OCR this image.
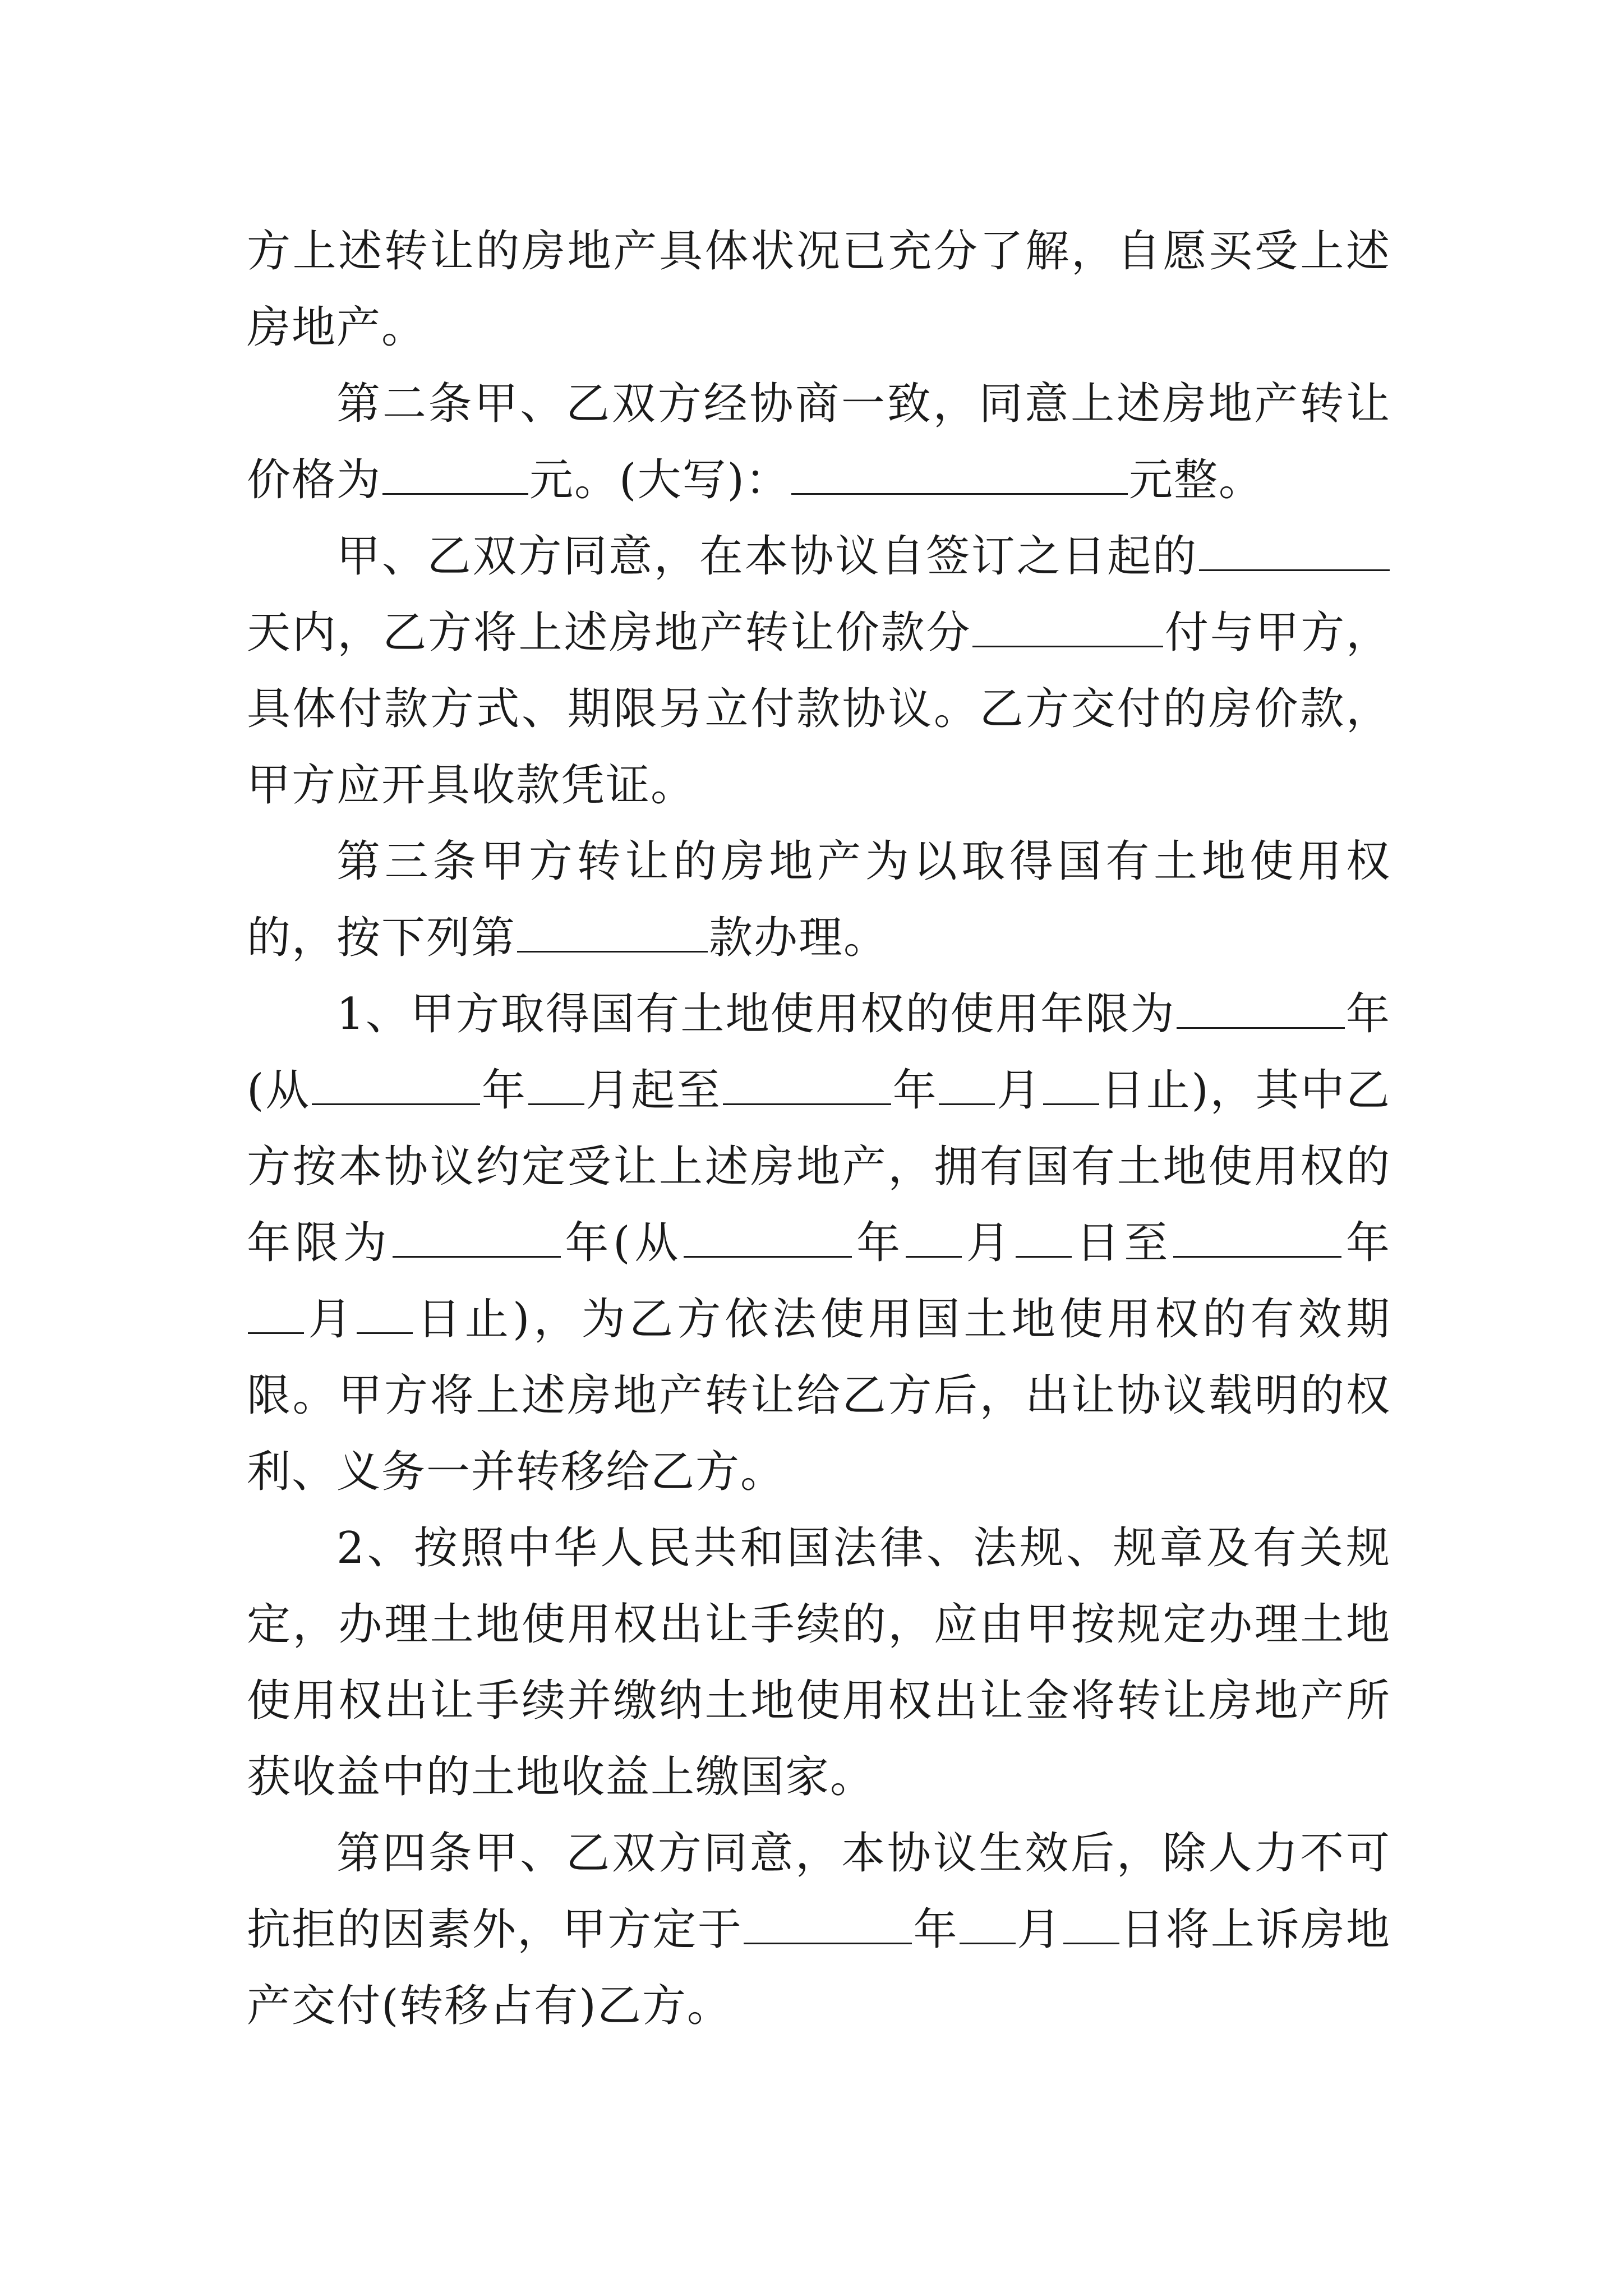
方上述转让的房地产具体状况已充分了解，自愿买受上述房地产。

第二条甲、乙双方经协商一致，同意上述房地产转让价格为	元。(大写)：	元整。

甲、乙双方同意，在本协议自签订之日起的天内，乙方将上述房地产转让价款分	付与甲方，具体付款方式、期限另立付款协议。乙方交付的房价款，甲方应开具收款凭证。

第三条甲方转让的房地产为以取得国有土地使用权的，按下列第	款办理。

1、甲方取得国有土地使用权的使用年限为	年(从	年 月起至	年 月 日止)，其中乙方按本协议约定受让上述房地产，拥有国有土地使用权的年限为	年(从	年 月 日至	年月 日止)，为乙方依法使用国土地使用权的有效期限。甲方将上述房地产转让给乙方后，出让协议载明的权利、义务一并转移给乙方。

2、按照中华人民共和国法律、法规、规章及有关规定，办理土地使用权出让手续的，应由甲按规定办理土地使用权出让手续并缴纳土地使用权出让金将转让房地产所获收益中的土地收益上缴国家。

第四条甲、乙双方同意，本协议生效后，除人力不可抗拒的因素外，甲方定于	年 月 日将上诉房地产交付(转移占有)乙方。
